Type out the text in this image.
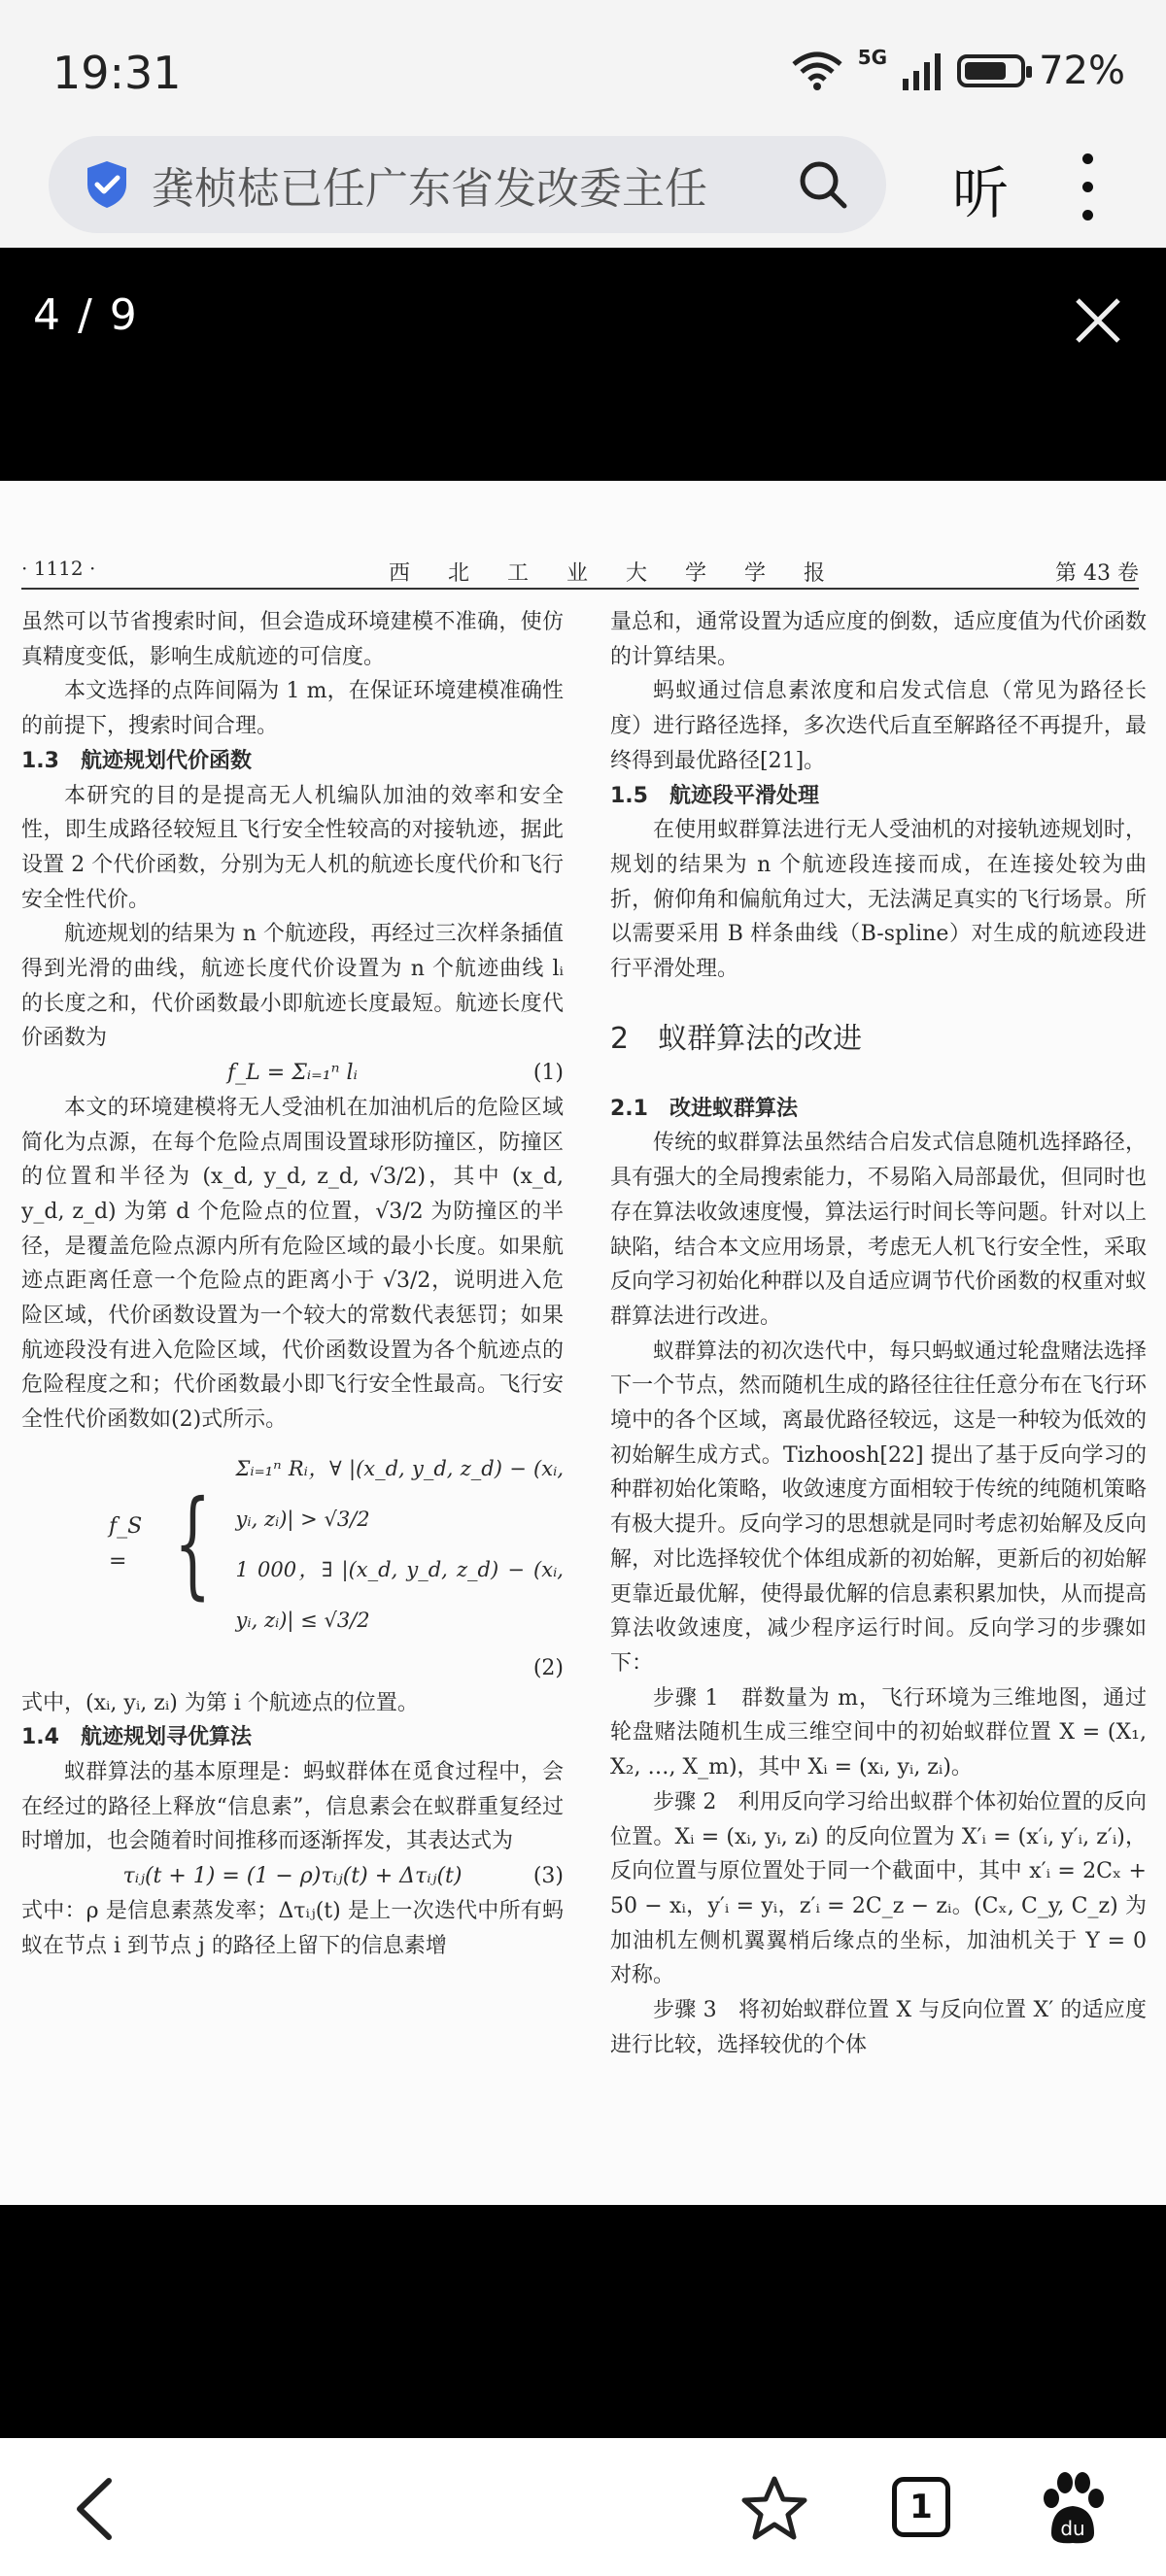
19:31	5G	72%
龚桢梽已任广东省发改委主任	听
4 / 9
· 1112 ·	西 北 工 业 大 学 学 报	第 43 卷

虽然可以节省搜索时间，但会造成环境建模不准确，使仿真精度变低，影响生成航迹的可信度。

本文选择的点阵间隔为 1 m，在保证环境建模准确性的前提下，搜索时间合理。

1.3　航迹规划代价函数

本研究的目的是提高无人机编队加油的效率和安全性，即生成路径较短且飞行安全性较高的对接轨迹，据此设置 2 个代价函数，分别为无人机的航迹长度代价和飞行安全性代价。

航迹规划的结果为 n 个航迹段，再经过三次样条插值得到光滑的曲线，航迹长度代价设置为 n 个航迹曲线 lᵢ 的长度之和，代价函数最小即航迹长度最短。航迹长度代价函数为

f_L = Σᵢ₌₁ⁿ lᵢ	(1)

本文的环境建模将无人受油机在加油机后的危险区域简化为点源，在每个危险点周围设置球形防撞区，防撞区的位置和半径为 (x_d, y_d, z_d, √3/2)，其中 (x_d, y_d, z_d) 为第 d 个危险点的位置，√3/2 为防撞区的半径，是覆盖危险点源内所有危险区域的最小长度。如果航迹点距离任意一个危险点的距离小于 √3/2，说明进入危险区域，代价函数设置为一个较大的常数代表惩罚；如果航迹段没有进入危险区域，代价函数设置为各个航迹点的危险程度之和；代价函数最小即飞行安全性最高。飞行安全性代价函数如(2)式所示。

f_S = {
Σᵢ₌₁ⁿ Rᵢ，∀ |(x_d, y_d, z_d) − (xᵢ, yᵢ, zᵢ)| > √3/2
1 000，∃ |(x_d, y_d, z_d) − (xᵢ, yᵢ, zᵢ)| ≤ √3/2
(2)

式中，(xᵢ, yᵢ, zᵢ) 为第 i 个航迹点的位置。

1.4　航迹规划寻优算法

蚁群算法的基本原理是：蚂蚁群体在觅食过程中，会在经过的路径上释放“信息素”，信息素会在蚁群重复经过时增加，也会随着时间推移而逐渐挥发，其表达式为

τᵢⱼ(t + 1) = (1 − ρ)τᵢⱼ(t) + Δτᵢⱼ(t)	(3)

式中：ρ 是信息素蒸发率；Δτᵢⱼ(t) 是上一次迭代中所有蚂蚁在节点 i 到节点 j 的路径上留下的信息素增

量总和，通常设置为适应度的倒数，适应度值为代价函数的计算结果。

蚂蚁通过信息素浓度和启发式信息（常见为路径长度）进行路径选择，多次迭代后直至解路径不再提升，最终得到最优路径[21]。

1.5　航迹段平滑处理

在使用蚁群算法进行无人受油机的对接轨迹规划时，规划的结果为 n 个航迹段连接而成，在连接处较为曲折，俯仰角和偏航角过大，无法满足真实的飞行场景。所以需要采用 B 样条曲线（B-spline）对生成的航迹段进行平滑处理。

2　蚁群算法的改进
2.1　改进蚁群算法

传统的蚁群算法虽然结合启发式信息随机选择路径，具有强大的全局搜索能力，不易陷入局部最优，但同时也存在算法收敛速度慢，算法运行时间长等问题。针对以上缺陷，结合本文应用场景，考虑无人机飞行安全性，采取反向学习初始化种群以及自适应调节代价函数的权重对蚁群算法进行改进。

蚁群算法的初次迭代中，每只蚂蚁通过轮盘赌法选择下一个节点，然而随机生成的路径往往任意分布在飞行环境中的各个区域，离最优路径较远，这是一种较为低效的初始解生成方式。Tizhoosh[22] 提出了基于反向学习的种群初始化策略，收敛速度方面相较于传统的纯随机策略有极大提升。反向学习的思想就是同时考虑初始解及反向解，对比选择较优个体组成新的初始解，更新后的初始解更靠近最优解，使得最优解的信息素积累加快，从而提高算法收敛速度，减少程序运行时间。反向学习的步骤如下：

步骤 1　群数量为 m，飞行环境为三维地图，通过轮盘赌法随机生成三维空间中的初始蚁群位置 X = (X₁, X₂, …, X_m)，其中 Xᵢ = (xᵢ, yᵢ, zᵢ)。

步骤 2　利用反向学习给出蚁群个体初始位置的反向位置。Xᵢ = (xᵢ, yᵢ, zᵢ) 的反向位置为 X′ᵢ = (x′ᵢ, y′ᵢ, z′ᵢ)，反向位置与原位置处于同一个截面中，其中 x′ᵢ = 2Cₓ + 50 − xᵢ，y′ᵢ = yᵢ，z′ᵢ = 2C_z − zᵢ。(Cₓ, C_y, C_z) 为加油机左侧机翼翼梢后缘点的坐标，加油机关于 Y = 0 对称。

步骤 3　将初始蚁群位置 X 与反向位置 X′ 的适应度进行比较，选择较优的个体

1
du
